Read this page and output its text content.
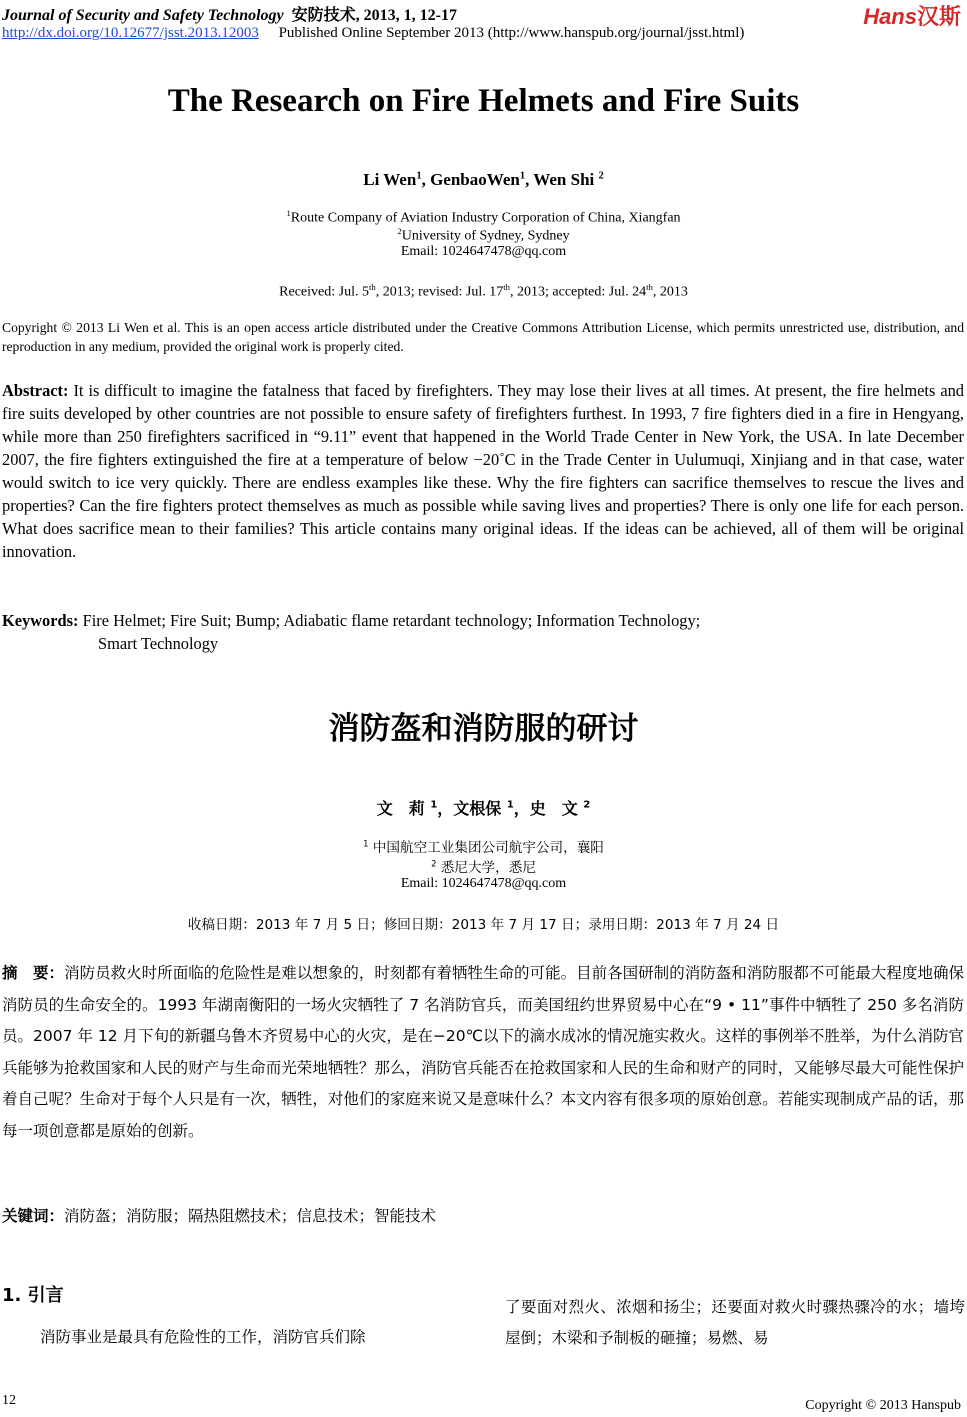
Journal of Security and Safety Technology 安防技术, 2013, 1, 12-17	Hans汉斯
http://dx.doi.org/10.12677/jsst.2013.12003 Published Online September 2013 (http://www.hanspub.org/journal/jsst.html)
The Research on Fire Helmets and Fire Suits
Li Wen$^1$, GenbaoWen$^1$, Wen Shi $^2$
$^1$Route Company of Aviation Industry Corporation of China, Xiangfan
$^2$University of Sydney, Sydney
Email: 1024647478@qq.com
Received: Jul. 5th, 2013; revised: Jul. 17th, 2013; accepted: Jul. 24th, 2013
Copyright © 2013 Li Wen et al. This is an open access article distributed under the Creative Commons Attribution License, which permits unrestricted use, distribution, and reproduction in any medium, provided the original work is properly cited.
Abstract: It is difficult to imagine the fatalness that faced by firefighters. They may lose their lives at all times. At present, the fire helmets and fire suits developed by other countries are not possible to ensure safety of firefighters furthest. In 1993, 7 fire fighters died in a fire in Hengyang, while more than 250 firefighters sacrificed in “9.11” event that happened in the World Trade Center in New York, the USA. In late December 2007, the fire fighters extinguished the fire at a temperature of below −20˚C in the Trade Center in Uulumuqi, Xinjiang and in that case, water would switch to ice very quickly. There are endless examples like these. Why the fire fighters can sacrifice themselves to rescue the lives and properties? Can the fire fighters protect themselves as much as possible while saving lives and properties? There is only one life for each person. What does sacrifice mean to their families? This article contains many original ideas. If the ideas can be achieved, all of them will be original innovation.
Keywords: Fire Helmet; Fire Suit; Bump; Adiabatic flame retardant technology; Information Technology;
Smart Technology
消防盔和消防服的研讨
文　莉 $^1$，文根保 $^1$，史　文 $^2$
$^1$ 中国航空工业集团公司航宇公司，襄阳
$^2$ 悉尼大学，悉尼
Email: 1024647478@qq.com
收稿日期：2013 年 7 月 5 日；修回日期：2013 年 7 月 17 日；录用日期：2013 年 7 月 24 日
摘　要：消防员救火时所面临的危险性是难以想象的，时刻都有着牺牲生命的可能。目前各国研制的消防盔和消防服都不可能最大程度地确保消防员的生命安全的。1993 年湖南衡阳的一场火灾牺牲了 7 名消防官兵，而美国纽约世界贸易中心在“9 • 11”事件中牺牲了 250 多名消防员。2007 年 12 月下旬的新疆乌鲁木齐贸易中心的火灾，是在−20℃以下的滴水成冰的情况施实救火。这样的事例举不胜举，为什么消防官兵能够为抢救国家和人民的财产与生命而光荣地牺牲？那么，消防官兵能否在抢救国家和人民的生命和财产的同时，又能够尽最大可能性保护着自己呢？生命对于每个人只是有一次，牺牲，对他们的家庭来说又是意味什么？本文内容有很多项的原始创意。若能实现制成产品的话，那每一项创意都是原始的创新。
关键词：消防盔；消防服；隔热阻燃技术；信息技术；智能技术
1. 引言
消防事业是最具有危险性的工作，消防官兵们除
了要面对烈火、浓烟和扬尘；还要面对救火时骤热骤冷的水；墙垮屋倒；木梁和予制板的砸撞；易燃、易
12	Copyright © 2013 Hanspub
